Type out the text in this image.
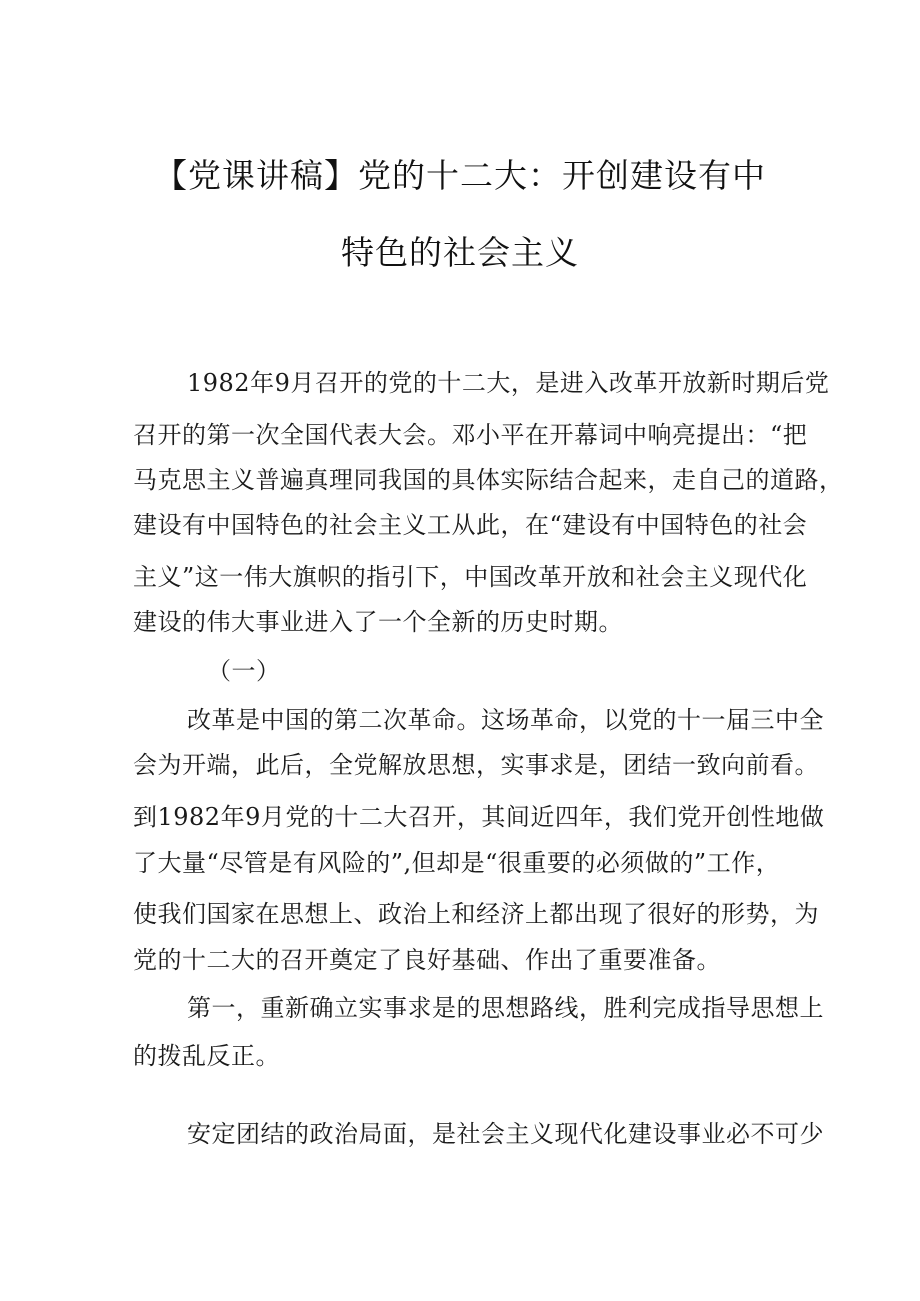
【党课讲稿】党的十二大：开创建设有中
特色的社会主义
1982年9月召开的党的十二大，是进入改革开放新时期后党
召开的第一次全国代表大会。邓小平在开幕词中响亮提出：“把
马克思主义普遍真理同我国的具体实际结合起来，走自己的道路，
建设有中国特色的社会主义工从此，在“建设有中国特色的社会
主义”这一伟大旗帜的指引下，中国改革开放和社会主义现代化
建设的伟大事业进入了一个全新的历史时期。
（一）
改革是中国的第二次革命。这场革命，以党的十一届三中全
会为开端，此后，全党解放思想，实事求是，团结一致向前看。
到1982年9月党的十二大召开，其间近四年，我们党开创性地做
了大量“尽管是有风险的”,但却是“很重要的必须做的”工作，
使我们国家在思想上、政治上和经济上都出现了很好的形势，为
党的十二大的召开奠定了良好基础、作出了重要准备。
第一，重新确立实事求是的思想路线，胜利完成指导思想上
的拨乱反正。
安定团结的政治局面，是社会主义现代化建设事业必不可少
